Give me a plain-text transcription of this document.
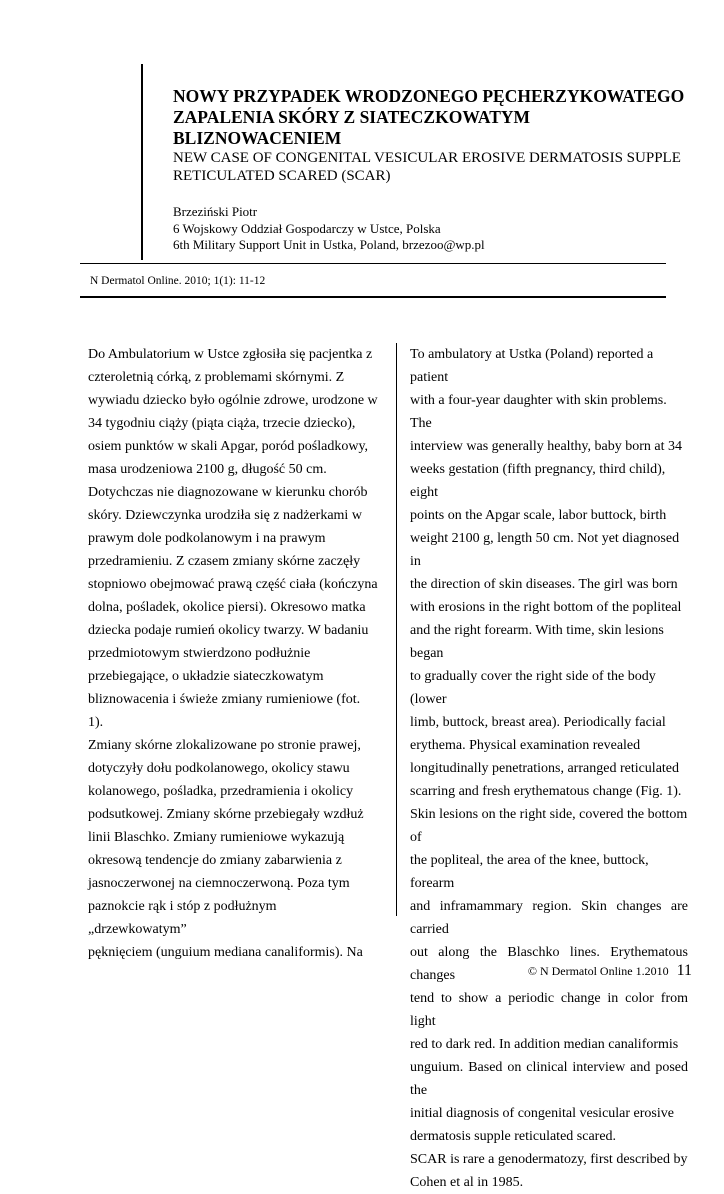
NOWY PRZYPADEK WRODZONEGO PĘCHERZYKOWATEGO

ZAPALENIA SKÓRY Z SIATECZKOWATYM

BLIZNOWACENIEM

NEW CASE OF CONGENITAL VESICULAR EROSIVE DERMATOSIS SUPPLE

RETICULATED SCARED (SCAR)

Brzeziński Piotr
6 Wojskowy Oddział Gospodarczy w Ustce, Polska
6th Military Support Unit in Ustka, Poland, brzezoo@wp.pl
N Dermatol Online. 2010; 1(1): 11-12

Do Ambulatorium w Ustce zgłosiła się pacjentka z

czteroletnią córką, z problemami skórnymi. Z

wywiadu dziecko było ogólnie zdrowe, urodzone w

34 tygodniu ciąży (piąta ciąża, trzecie dziecko),

osiem punktów w skali Apgar, poród pośladkowy,

masa urodzeniowa 2100 g, długość 50 cm.

Dotychczas nie diagnozowane w kierunku chorób

skóry. Dziewczynka urodziła się z nadżerkami w

prawym dole podkolanowym i na prawym

przedramieniu. Z czasem zmiany skórne zaczęły

stopniowo obejmować prawą część ciała (kończyna

dolna, pośladek, okolice piersi). Okresowo matka

dziecka podaje rumień okolicy twarzy. W badaniu

przedmiotowym stwierdzono podłużnie

przebiegające, o układzie siateczkowatym

bliznowacenia i świeże zmiany rumieniowe (fot. 1).

Zmiany skórne zlokalizowane po stronie prawej,

dotyczyły dołu podkolanowego, okolicy stawu

kolanowego, pośladka, przedramienia i okolicy

podsutkowej. Zmiany skórne przebiegały wzdłuż

linii Blaschko. Zmiany rumieniowe wykazują

okresową tendencje do zmiany zabarwienia z

jasnoczerwonej na ciemnoczerwoną. Poza tym

paznokcie rąk i stóp z podłużnym „drzewkowatym”

pęknięciem (unguium mediana canaliformis). Na

To ambulatory at Ustka (Poland) reported a patient

with a four-year daughter with skin problems. The

interview was generally healthy, baby born at 34

weeks gestation (fifth pregnancy, third child), eight

points on the Apgar scale, labor buttock, birth

weight 2100 g, length 50 cm. Not yet diagnosed in

the direction of skin diseases. The girl was born

with erosions in the right bottom of the popliteal

and the right forearm. With time, skin lesions began

to gradually cover the right side of the body (lower

limb, buttock, breast area). Periodically facial

erythema. Physical examination revealed

longitudinally penetrations, arranged reticulated

scarring and fresh erythematous change (Fig. 1).

Skin lesions on the right side, covered the bottom of

the popliteal, the area of the knee, buttock, forearm

and inframammary region. Skin changes are carried

out along the Blaschko lines. Erythematous changes

tend to show a periodic change in color from light

red to dark red. In addition median canaliformis

unguium. Based on clinical interview and posed the

initial diagnosis of congenital vesicular erosive

dermatosis supple reticulated scared.

SCAR is rare a genodermatozy, first described by

Cohen et al in 1985.

© N Dermatol Online 1.2010 11
